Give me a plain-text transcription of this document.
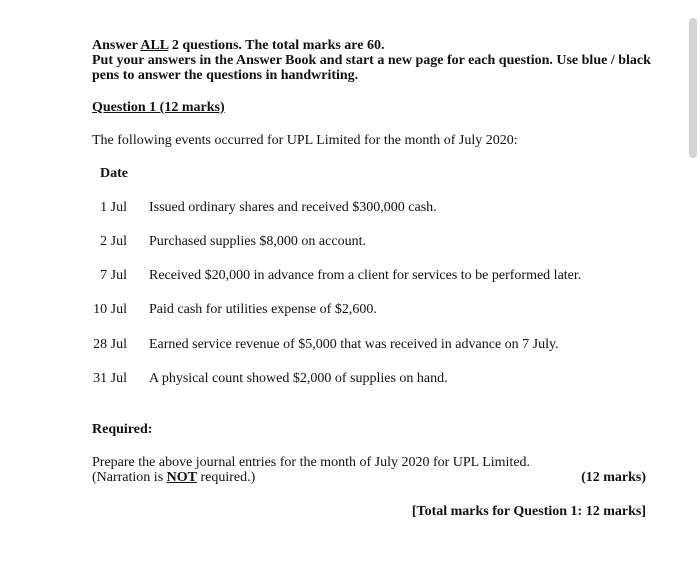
Answer ALL 2 questions. The total marks are 60.
Put your answers in the Answer Book and start a new page for each question. Use blue / black
pens to answer the questions in handwriting.
Question 1 (12 marks)
The following events occurred for UPL Limited for the month of July 2020:
Date
1 Jul Issued ordinary shares and received $300,000 cash.
2 Jul Purchased supplies $8,000 on account.
7 Jul Received $20,000 in advance from a client for services to be performed later.
10 Jul Paid cash for utilities expense of $2,600.
28 Jul Earned service revenue of $5,000 that was received in advance on 7 July.
31 Jul A physical count showed $2,000 of supplies on hand.
Required:
Prepare the above journal entries for the month of July 2020 for UPL Limited.
(Narration is NOT required.)	(12 marks)
[Total marks for Question 1: 12 marks]
